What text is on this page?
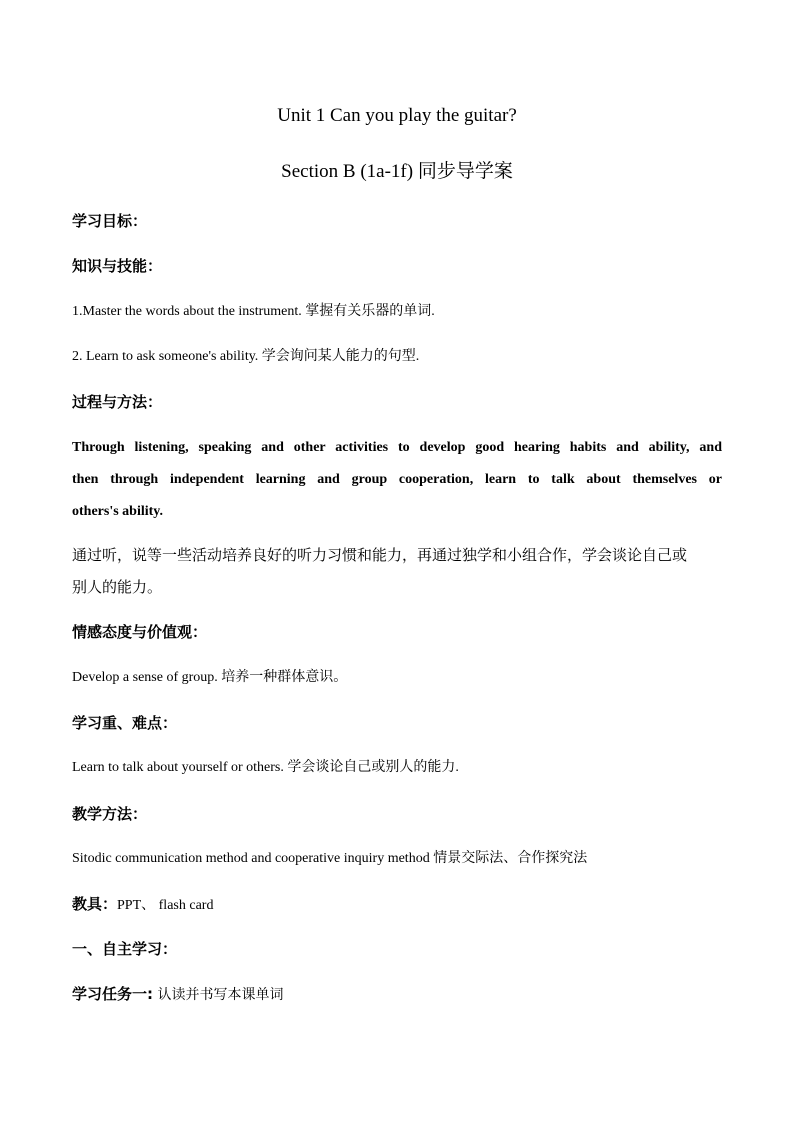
Unit 1 Can you play the guitar?
Section B (1a-1f) 同步导学案
学习目标：
知识与技能：
1.Master the words about the instrument. 掌握有关乐器的单词.
2. Learn to ask someone's ability. 学会询问某人能力的句型.
过程与方法：
Through listening, speaking and other activities to develop good hearing habits and ability, and
then through independent learning and group cooperation, learn to talk about themselves or
others's ability.
通过听，说等一些活动培养良好的听力习惯和能力，再通过独学和小组合作，学会谈论自己或
别人的能力。
情感态度与价值观：
Develop a sense of group. 培养一种群体意识。
学习重、难点：
Learn to talk about yourself or others. 学会谈论自己或别人的能力.
教学方法：
Sitodic communication method and cooperative inquiry method 情景交际法、合作探究法
教具：PPT、 flash card
一、自主学习：
学习任务一: 认读并书写本课单词
